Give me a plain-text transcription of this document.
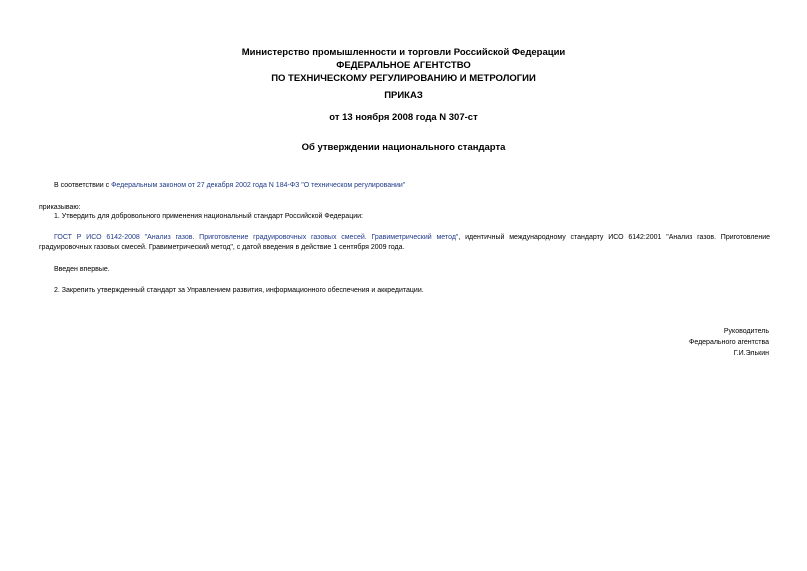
Министерство промышленности и торговли Российской Федерации
ФЕДЕРАЛЬНОЕ АГЕНТСТВО
ПО ТЕХНИЧЕСКОМУ РЕГУЛИРОВАНИЮ И МЕТРОЛОГИИ
ПРИКАЗ
от 13 ноября 2008 года N 307-ст
Об утверждении национального стандарта
В соответствии с Федеральным законом от 27 декабря 2002 года N 184-ФЗ "О техническом регулировании"
приказываю:
1. Утвердить для добровольного применения национальный стандарт Российской Федерации:
ГОСТ Р ИСО 6142-2008 "Анализ газов. Приготовление градуировочных газовых смесей. Гравиметрический метод", идентичный международному стандарту ИСО 6142:2001 "Анализ газов. Приготовление градуировочных газовых смесей. Гравиметрический метод", с датой введения в действие 1 сентября 2009 года.
Введен впервые.
2. Закрепить утвержденный стандарт за Управлением развития, информационного обеспечения и аккредитации.
Руководитель
Федерального агентства
Г.И.Элькин
